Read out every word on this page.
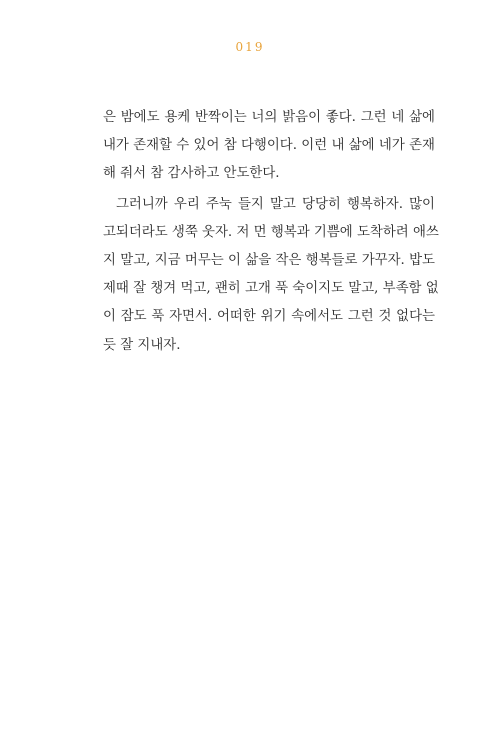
019
은 밤에도 용케 반짝이는 너의 밝음이 좋다. 그런 네 삶에
내가 존재할 수 있어 참 다행이다. 이런 내 삶에 네가 존재
해 줘서 참 감사하고 안도한다.
그러니까 우리 주눅 들지 말고 당당히 행복하자. 많이
고되더라도 생쭉 웃자. 저 먼 행복과 기쁨에 도착하려 애쓰
지 말고, 지금 머무는 이 삶을 작은 행복들로 가꾸자. 밥도
제때 잘 챙겨 먹고, 괜히 고개 푹 숙이지도 말고, 부족함 없
이 잠도 푹 자면서. 어떠한 위기 속에서도 그런 것 없다는
듯 잘 지내자.
